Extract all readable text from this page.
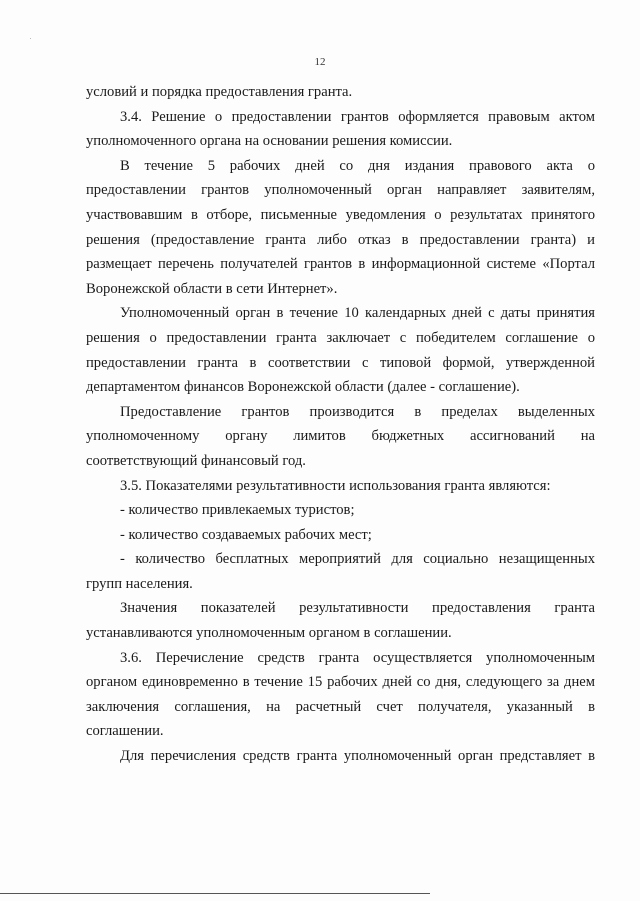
12
условий и порядка предоставления гранта.
3.4. Решение о предоставлении грантов оформляется правовым актом
уполномоченного органа на основании решения комиссии.
В течение 5 рабочих дней со дня издания правового акта о
предоставлении грантов уполномоченный орган направляет заявителям,
участвовавшим в отборе, письменные уведомления о результатах принятого
решения (предоставление гранта либо отказ в предоставлении гранта) и
размещает перечень получателей грантов в информационной системе «Портал
Воронежской области в сети Интернет».
Уполномоченный орган в течение 10 календарных дней с даты принятия
решения о предоставлении гранта заключает с победителем соглашение о
предоставлении гранта в соответствии с типовой формой, утвержденной
департаментом финансов Воронежской области (далее - соглашение).
Предоставление грантов производится в пределах выделенных
уполномоченному органу лимитов бюджетных ассигнований на
соответствующий финансовый год.
3.5. Показателями результативности использования гранта являются:
- количество привлекаемых туристов;
- количество создаваемых рабочих мест;
- количество бесплатных мероприятий для социально незащищенных
групп населения.
Значения показателей результативности предоставления гранта
устанавливаются уполномоченным органом в соглашении.
3.6. Перечисление средств гранта осуществляется уполномоченным
органом единовременно в течение 15 рабочих дней со дня, следующего за днем
заключения соглашения, на расчетный счет получателя, указанный в
соглашении.
Для перечисления средств гранта уполномоченный орган представляет в
